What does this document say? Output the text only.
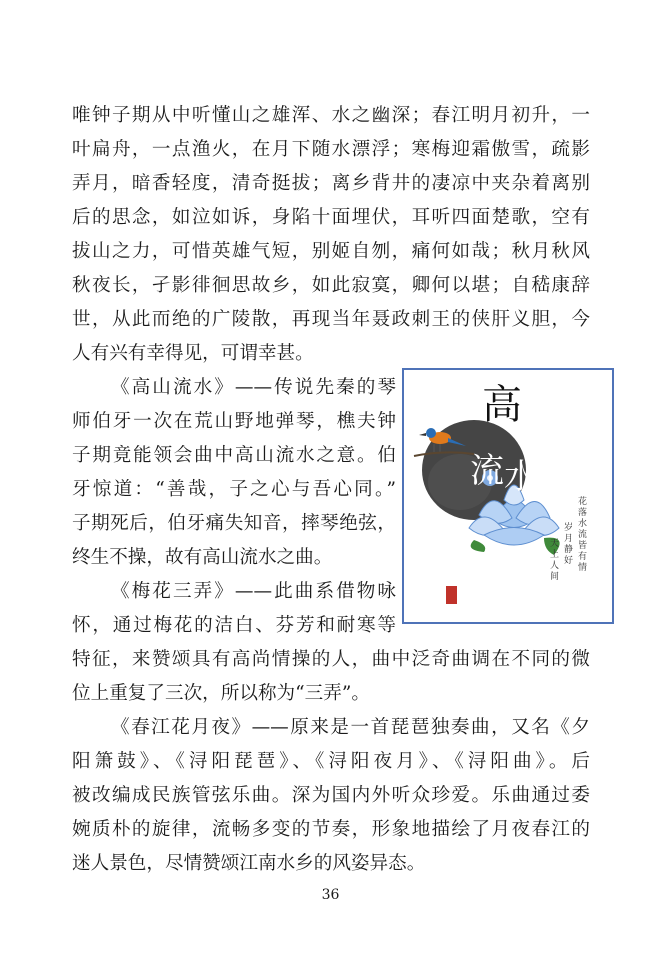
唯钟子期从中听懂山之雄浑、水之幽深；春江明月初升，一
叶扁舟，一点渔火，在月下随水漂浮；寒梅迎霜傲雪，疏影
弄月，暗香轻度，清奇挺拔；离乡背井的凄凉中夹杂着离别
后的思念，如泣如诉，身陷十面埋伏，耳听四面楚歌，空有
拔山之力，可惜英雄气短，别姬自刎，痛何如哉；秋月秋风
秋夜长，孑影徘徊思故乡，如此寂寞，卿何以堪；自嵇康辞
世，从此而绝的广陵散，再现当年聂政刺王的侠肝义胆，今
人有兴有幸得见，可谓幸甚。
《高山流水》——传说先秦的琴
师伯牙一次在荒山野地弹琴，樵夫钟
子期竟能领会曲中高山流水之意。伯
牙惊道：“善哉，子之心与吾心同。”
子期死后，伯牙痛失知音，摔琴绝弦，
终生不操，故有高山流水之曲。
《梅花三弄》——此曲系借物咏
怀，通过梅花的洁白、芬芳和耐寒等
特征，来赞颂具有高尚情操的人，曲中泛奇曲调在不同的微
位上重复了三次，所以称为“三弄”。
《春江花月夜》——原来是一首琵琶独奏曲，又名《夕
阳箫鼓》、《浔阳琵琶》、《浔阳夜月》、《浔阳曲》。后
被改编成民族管弦乐曲。深为国内外听众珍爱。乐曲通过委
婉质朴的旋律，流畅多变的节奏，形象地描绘了月夜春江的
迷人景色，尽情赞颂江南水乡的风姿异态。
高
山
流 水
花
落
水
流
皆
有
情
岁
月
静
好
天
上
人
间
36
